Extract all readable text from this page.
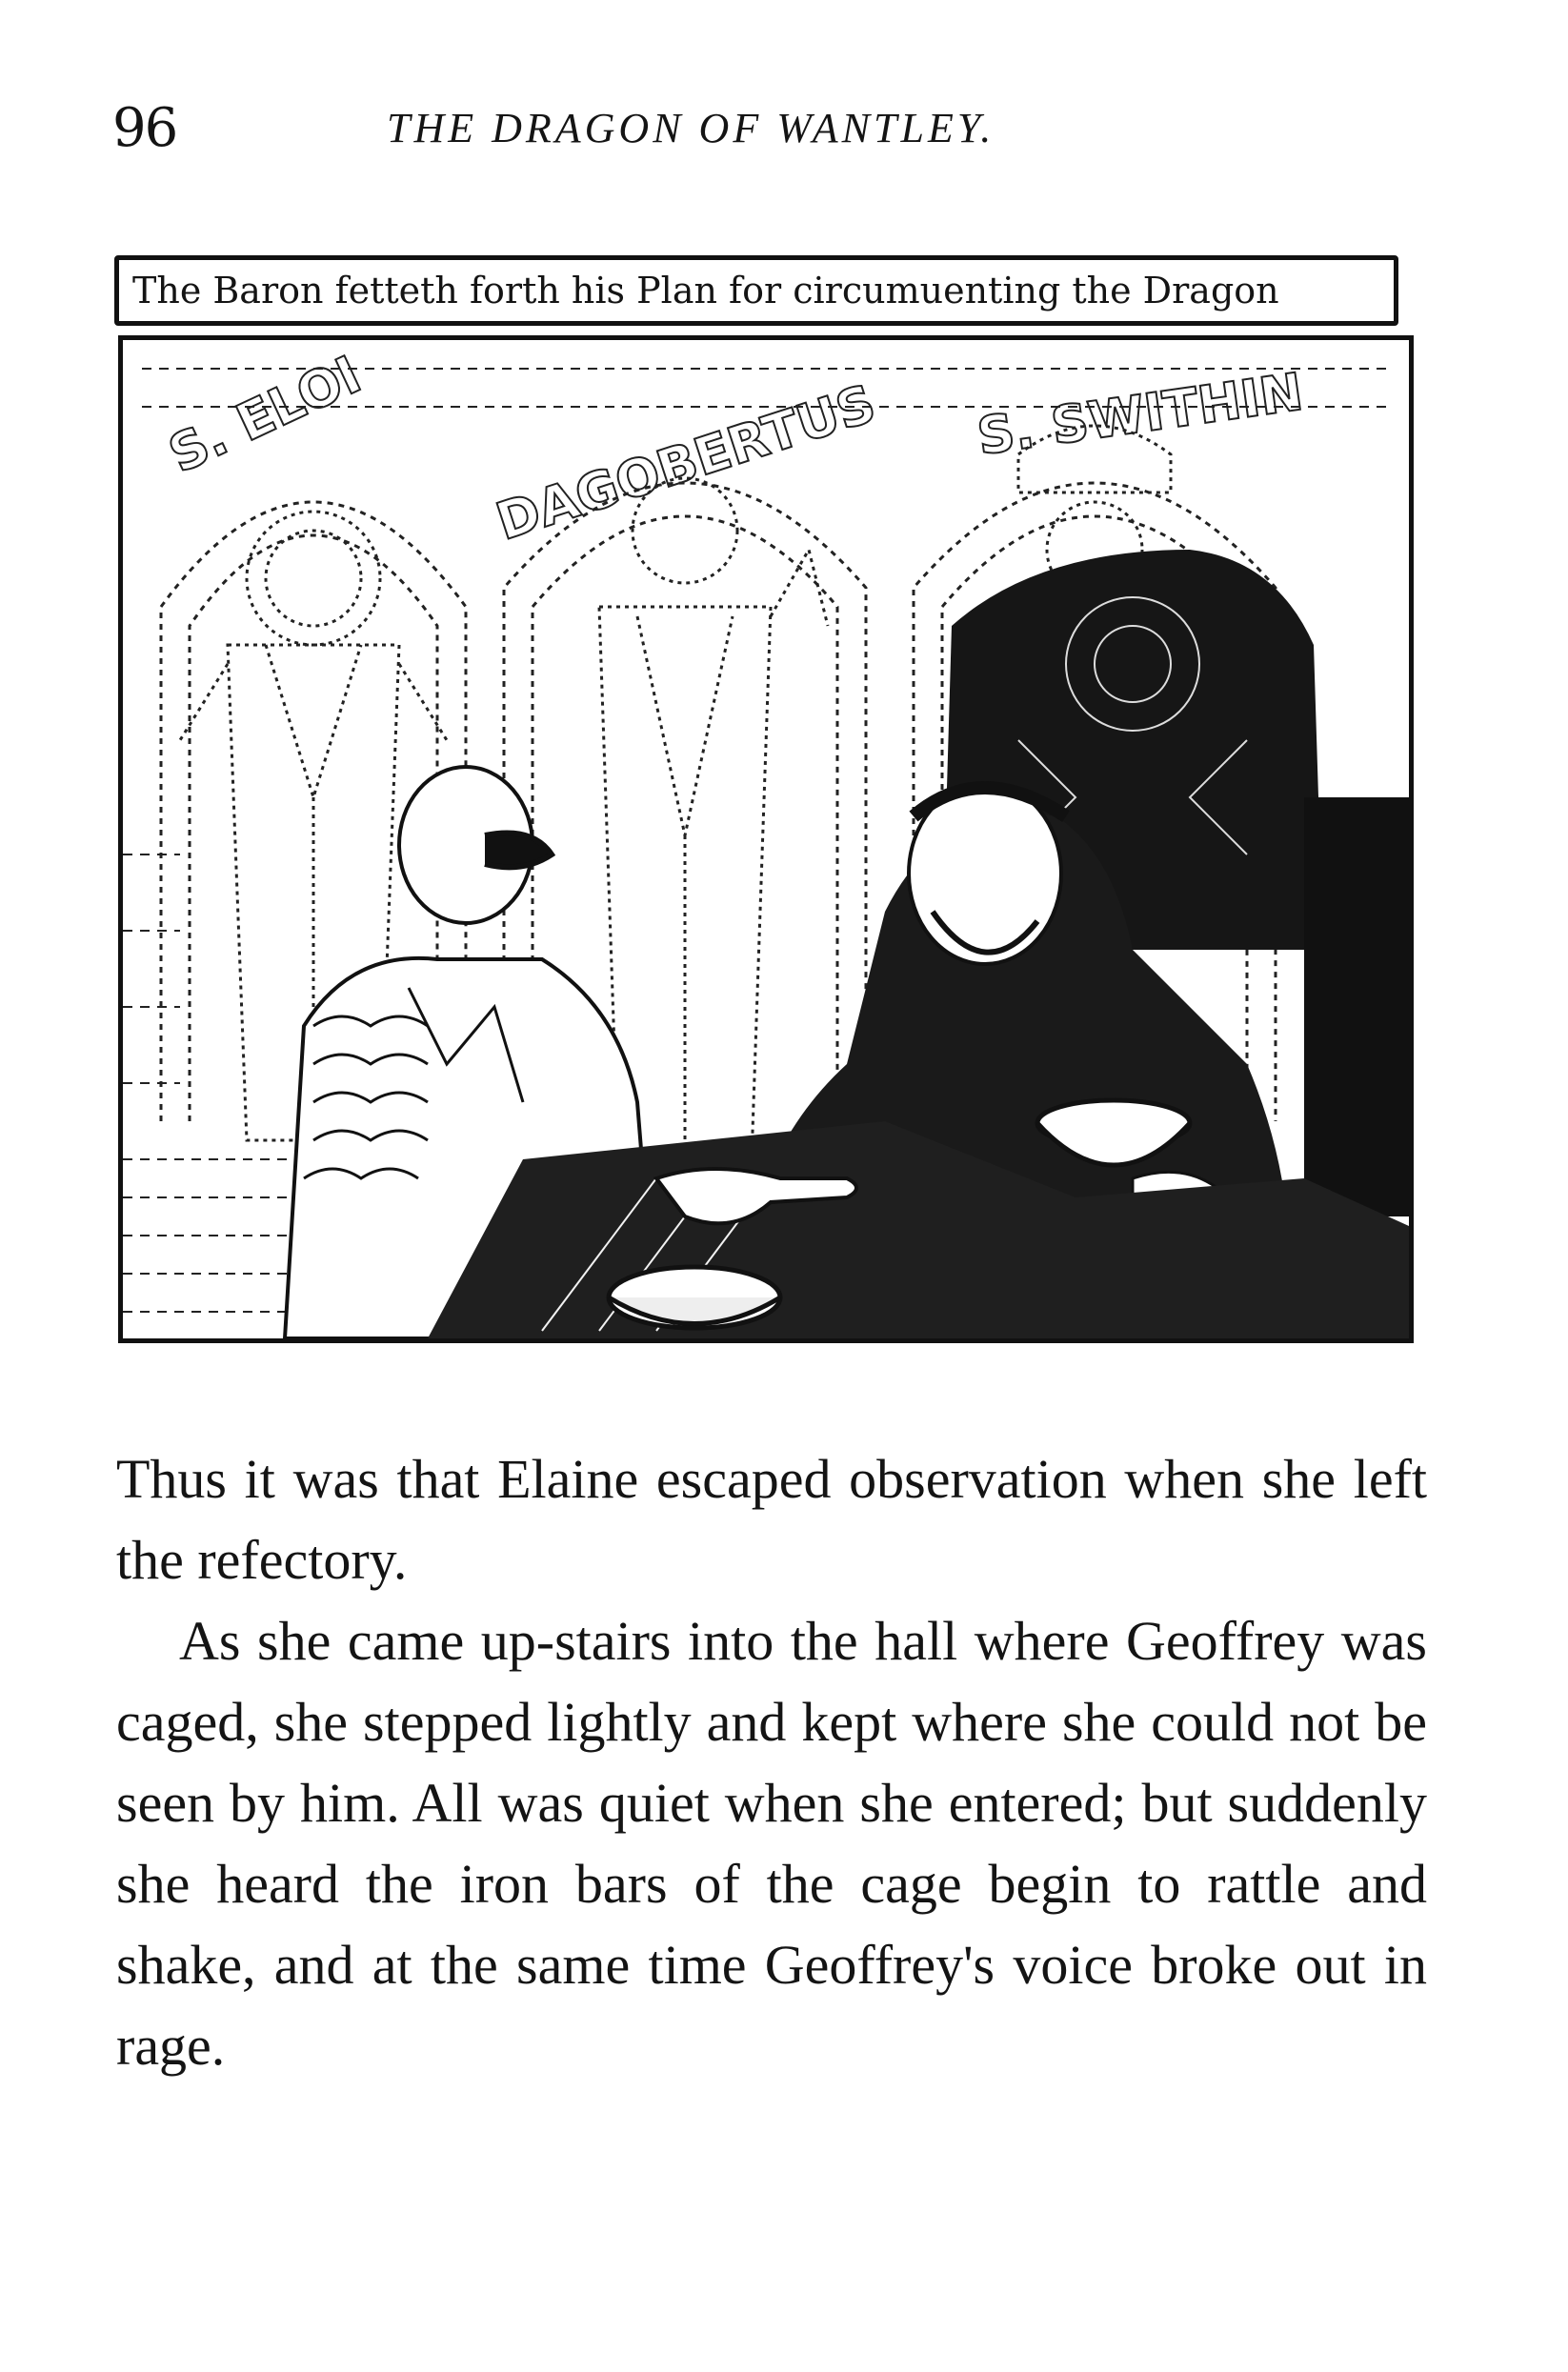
96	THE DRAGON OF WANTLEY.
The Baron fetteth forth his Plan for circumuenting the Dragon
S. ELOI DAGOBERTUS S. SWITHIN

Thus it was that Elaine escaped observation when she left the refectory.

As she came up-stairs into the hall where Geoffrey was caged, she stepped lightly and kept where she could not be seen by him. All was quiet when she entered; but suddenly she heard the iron bars of the cage begin to rattle and shake, and at the same time Geoffrey's voice broke out in rage.
